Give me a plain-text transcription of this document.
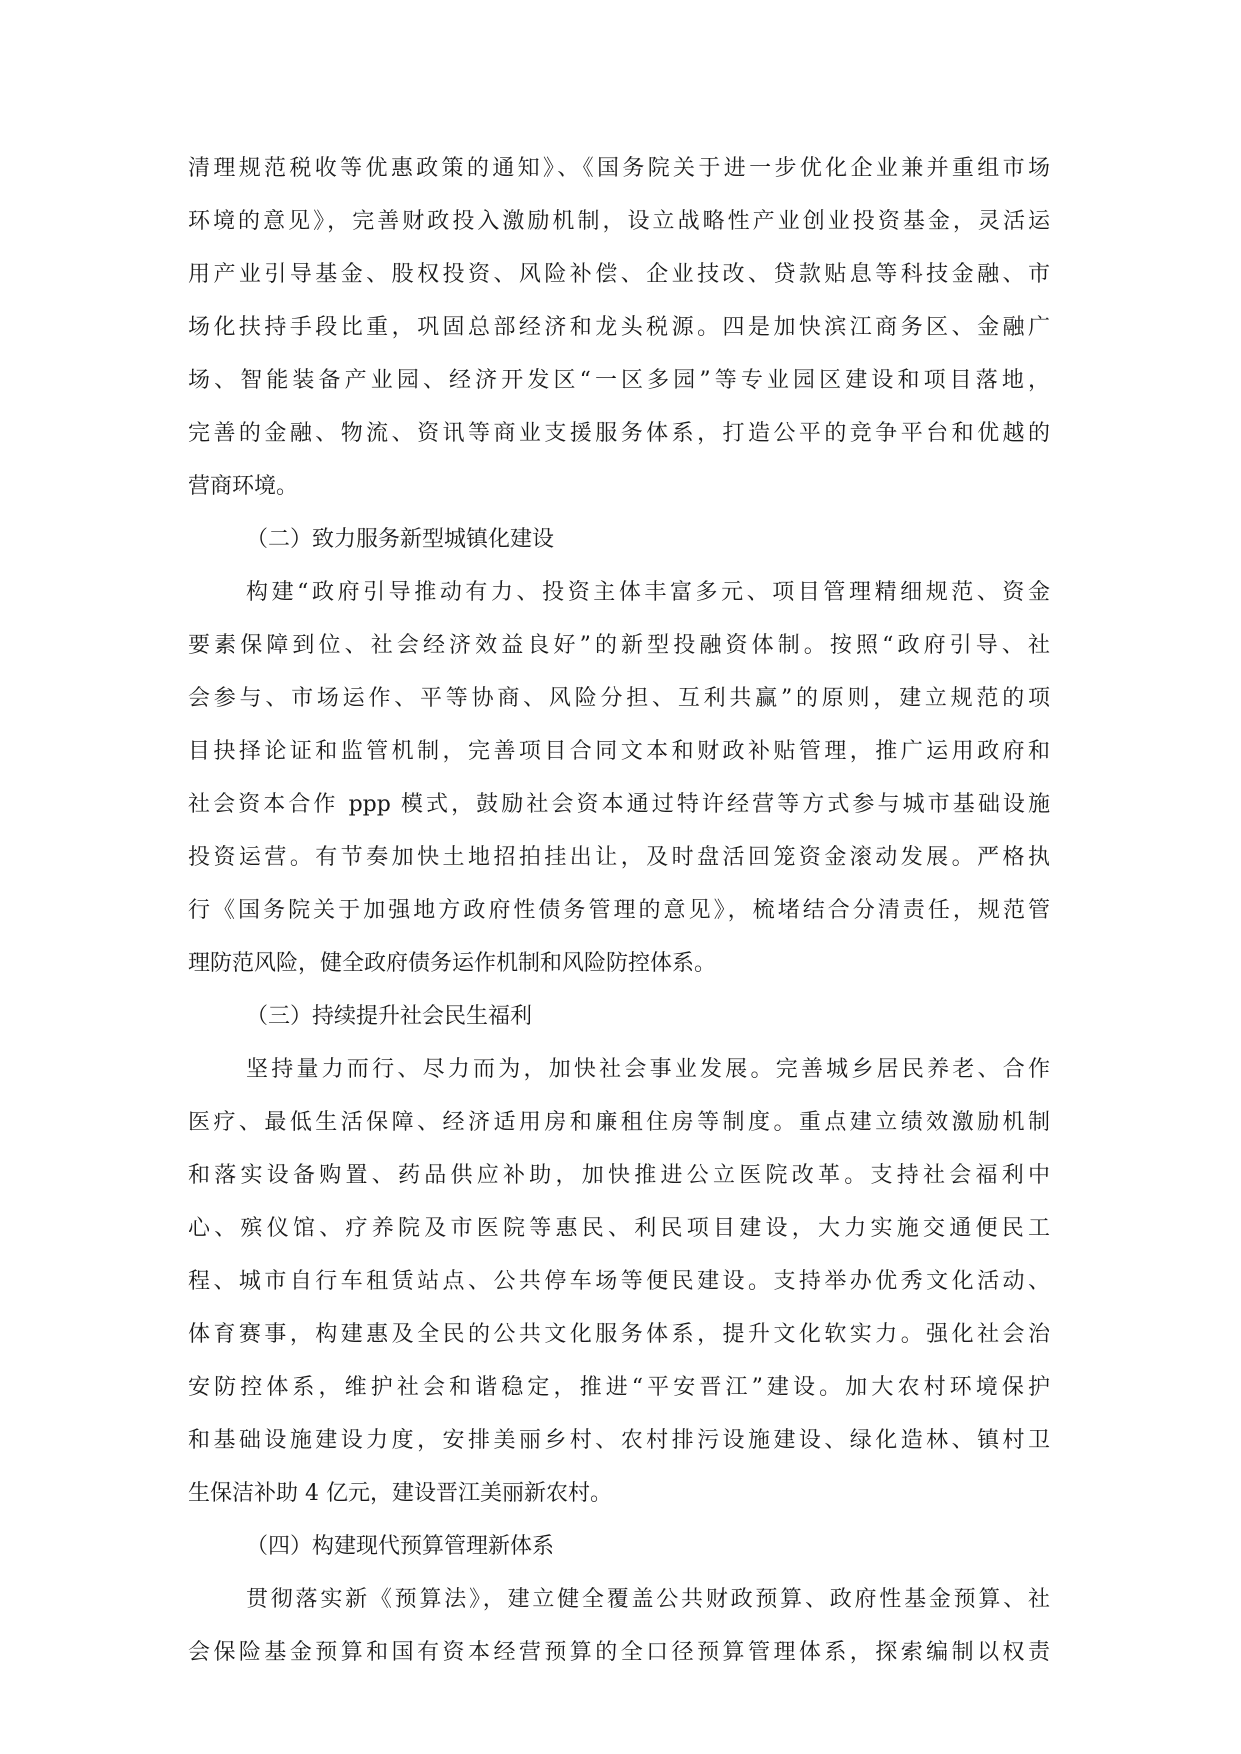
清理规范税收等优惠政策的通知》、《国务院关于进一步优化企业兼并重组市场
环境的意见》，完善财政投入激励机制，设立战略性产业创业投资基金，灵活运
用产业引导基金、股权投资、风险补偿、企业技改、贷款贴息等科技金融、市
场化扶持手段比重，巩固总部经济和龙头税源。四是加快滨江商务区、金融广
场、智能装备产业园、经济开发区“一区多园”等专业园区建设和项目落地，
完善的金融、物流、资讯等商业支援服务体系，打造公平的竞争平台和优越的
营商环境。
（二）致力服务新型城镇化建设
构建“政府引导推动有力、投资主体丰富多元、项目管理精细规范、资金
要素保障到位、社会经济效益良好”的新型投融资体制。按照“政府引导、社
会参与、市场运作、平等协商、风险分担、互利共赢”的原则，建立规范的项
目抉择论证和监管机制，完善项目合同文本和财政补贴管理，推广运用政府和
社会资本合作 ppp 模式，鼓励社会资本通过特许经营等方式参与城市基础设施
投资运营。有节奏加快土地招拍挂出让，及时盘活回笼资金滚动发展。严格执
行《国务院关于加强地方政府性债务管理的意见》，梳堵结合分清责任，规范管
理防范风险，健全政府债务运作机制和风险防控体系。
（三）持续提升社会民生福利
坚持量力而行、尽力而为，加快社会事业发展。完善城乡居民养老、合作
医疗、最低生活保障、经济适用房和廉租住房等制度。重点建立绩效激励机制
和落实设备购置、药品供应补助，加快推进公立医院改革。支持社会福利中
心、殡仪馆、疗养院及市医院等惠民、利民项目建设，大力实施交通便民工
程、城市自行车租赁站点、公共停车场等便民建设。支持举办优秀文化活动、
体育赛事，构建惠及全民的公共文化服务体系，提升文化软实力。强化社会治
安防控体系，维护社会和谐稳定，推进“平安晋江”建设。加大农村环境保护
和基础设施建设力度，安排美丽乡村、农村排污设施建设、绿化造林、镇村卫
生保洁补助 4 亿元，建设晋江美丽新农村。
（四）构建现代预算管理新体系
贯彻落实新《预算法》，建立健全覆盖公共财政预算、政府性基金预算、社
会保险基金预算和国有资本经营预算的全口径预算管理体系，探索编制以权责
